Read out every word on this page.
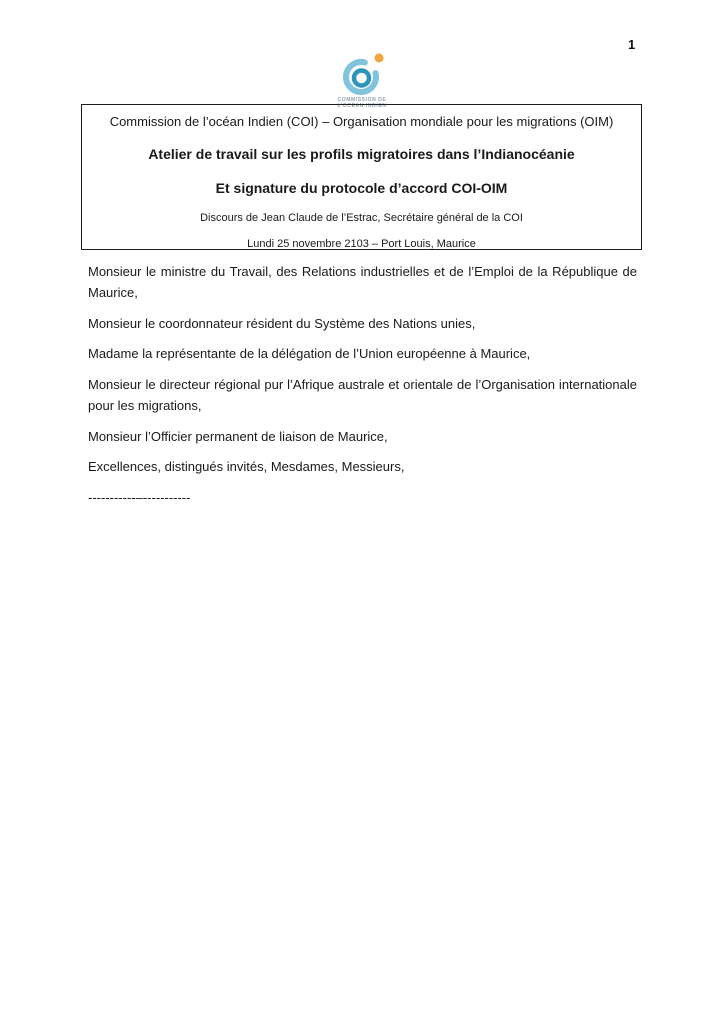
1
COMMISSION DE
L’OCÉAN INDIEN
Commission de l’océan Indien (COI) – Organisation mondiale pour les migrations (OIM)
Atelier de travail sur les profils migratoires dans l’Indianocéanie
Et signature du protocole d’accord COI-OIM
Discours de Jean Claude de l’Estrac, Secrétaire général de la COI
Lundi 25 novembre 2103 – Port Louis, Maurice

Monsieur le ministre du Travail, des Relations industrielles et de l’Emploi de la République de Maurice,

Monsieur le coordonnateur résident du Système des Nations unies,

Madame la représentante de la délégation de l’Union européenne à Maurice,

Monsieur le directeur régional pur l’Afrique australe et orientale de l’Organisation internationale pour les migrations,

Monsieur l’Officier permanent de liaison de Maurice,

Excellences, distingués invités, Mesdames, Messieurs,

-----------–-----------
